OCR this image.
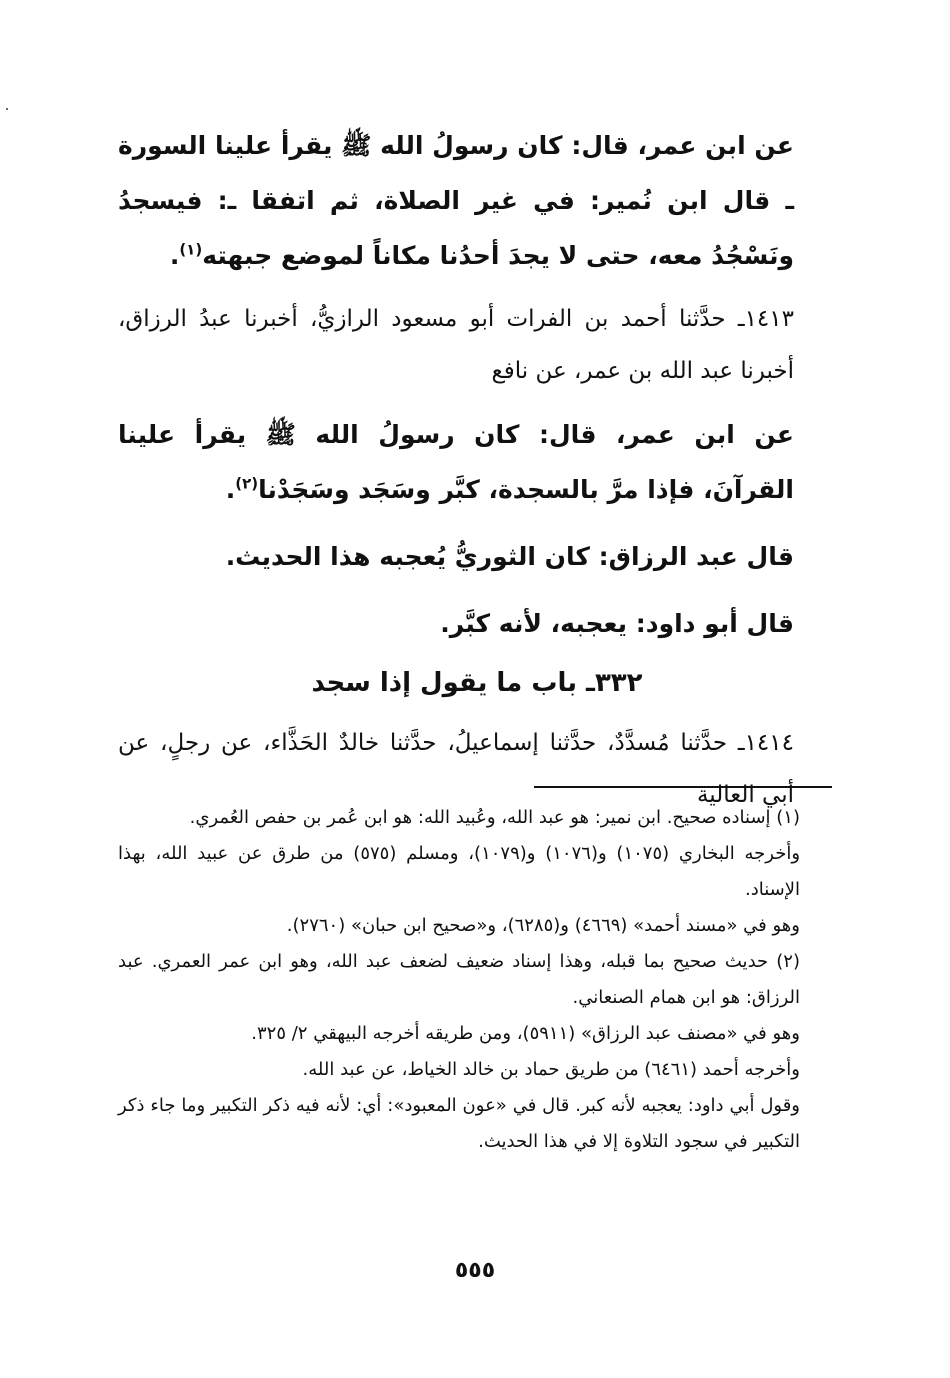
عن ابن عمر، قال: كان رسولُ الله ﷺ يقرأ علينا السورة ـ قال ابن نُمير: في غير الصلاة، ثم اتفقا ـ: فيسجدُ ونَسْجُدُ معه، حتى لا يجدَ أحدُنا مكاناً لموضع جبهته$^{(١)}$.

١٤١٣ـ حدَّثنا أحمد بن الفرات أبو مسعود الرازيُّ، أخبرنا عبدُ الرزاق، أخبرنا عبد الله بن عمر، عن نافع

عن ابن عمر، قال: كان رسولُ الله ﷺ يقرأ علينا القرآنَ، فإذا مرَّ بالسجدة، كبَّر وسَجَد وسَجَدْنا$^{(٢)}$.

قال عبد الرزاق: كان الثوريُّ يُعجبه هذا الحديث.

قال أبو داود: يعجبه، لأنه كبَّر.

٣٣٢ـ باب ما يقول إذا سجد

١٤١٤ـ حدَّثنا مُسدَّدٌ، حدَّثنا إسماعيلُ، حدَّثنا خالدٌ الحَذَّاء، عن رجلٍ، عن أبي العالية

(١) إسناده صحيح. ابن نمير: هو عبد الله، وعُبيد الله: هو ابن عُمر بن حفص العُمري.

وأخرجه البخاري (١٠٧٥) و(١٠٧٦) و(١٠٧٩)، ومسلم (٥٧٥) من طرق عن عبيد الله، بهذا الإسناد.

وهو في «مسند أحمد» (٤٦٦٩) و(٦٢٨٥)، و«صحيح ابن حبان» (٢٧٦٠).

(٢) حديث صحيح بما قبله، وهذا إسناد ضعيف لضعف عبد الله، وهو ابن عمر العمري. عبد الرزاق: هو ابن همام الصنعاني.

وهو في «مصنف عبد الرزاق» (٥٩١١)، ومن طريقه أخرجه البيهقي ٢/ ٣٢٥.

وأخرجه أحمد (٦٤٦١) من طريق حماد بن خالد الخياط، عن عبد الله.

وقول أبي داود: يعجبه لأنه كبر. قال في «عون المعبود»: أي: لأنه فيه ذكر التكبير وما جاء ذكر التكبير في سجود التلاوة إلا في هذا الحديث.

٥٥٥
